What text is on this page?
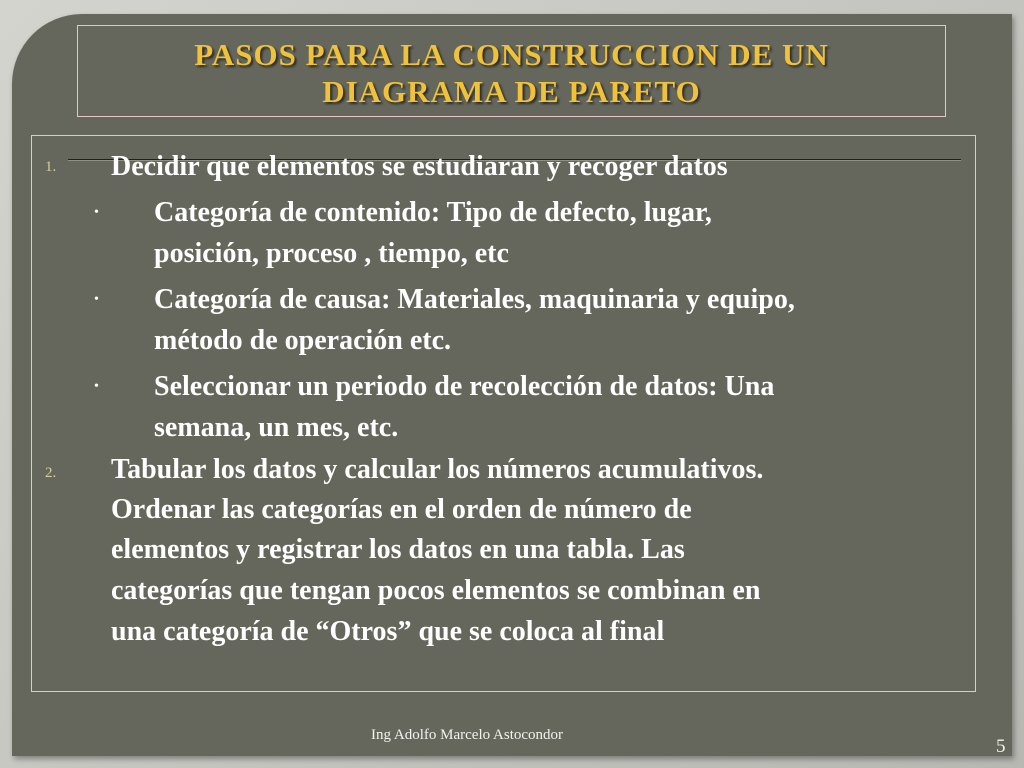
PASOS PARA LA CONSTRUCCION DE UN
DIAGRAMA DE PARETO
1. Decidir que elementos se estudiaran y recoger datos
• Categoría de contenido: Tipo de defecto, lugar,
posición, proceso , tiempo, etc
• Categoría de causa: Materiales, maquinaria y equipo,
método de operación etc.
• Seleccionar un periodo de recolección de datos: Una
semana, un mes, etc.
2. Tabular los datos y calcular los números acumulativos.
Ordenar las categorías en el orden de número de
elementos y registrar los datos en una tabla. Las
categorías que tengan pocos elementos se combinan en
una categoría de “Otros” que se coloca al final
Ing Adolfo Marcelo Astocondor
5
